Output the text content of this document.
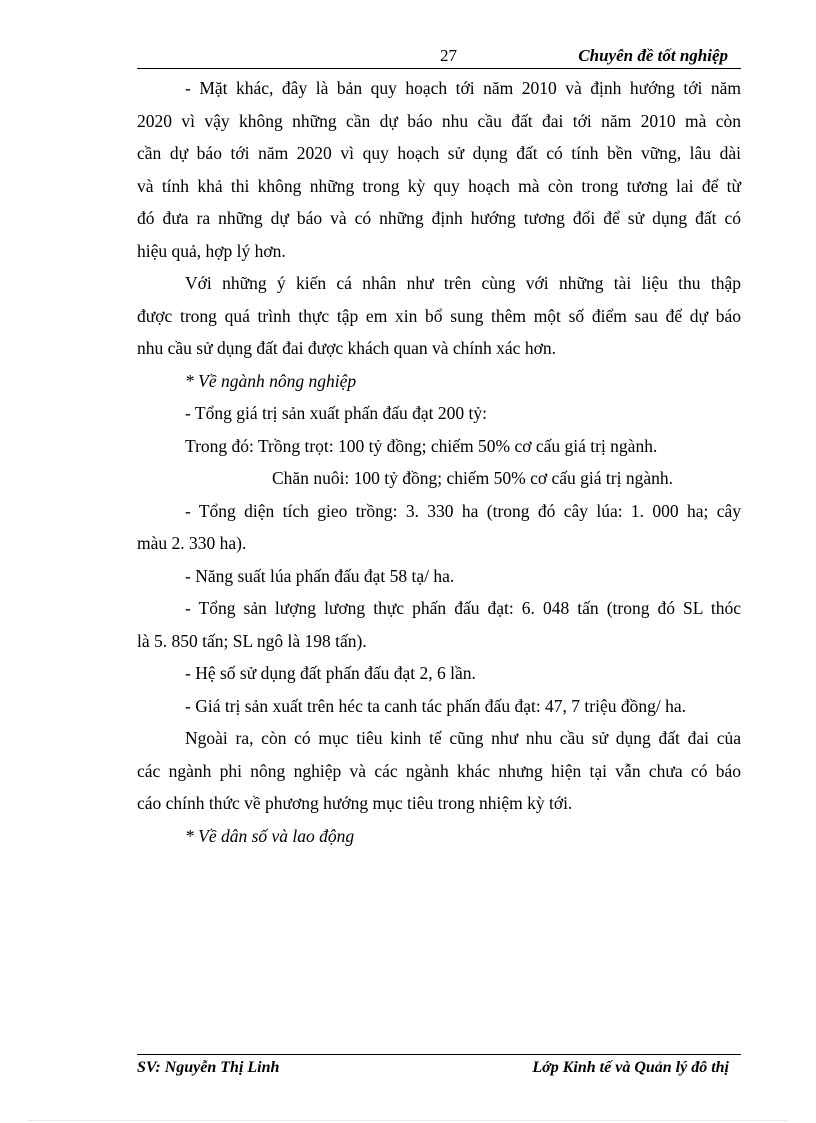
27	Chuyên đề tốt nghiệp
- Mặt khác, đây là bản quy hoạch tới năm 2010 và định hướng tới năm
2020 vì vậy không những cần dự báo nhu cầu đất đai tới năm 2010 mà còn
cần dự báo tới năm 2020 vì quy hoạch sử dụng đất có tính bền vững, lâu dài
và tính khả thi không những trong kỳ quy hoạch mà còn trong tương lai để từ
đó đưa ra những dự báo và có những định hướng tương đối để sử dụng đất có
hiệu quả, hợp lý hơn.
Với những ý kiến cá nhân như trên cùng với những tài liệu thu thập
được trong quá trình thực tập em xin bổ sung thêm một số điểm sau để dự báo
nhu cầu sử dụng đất đai được khách quan và chính xác hơn.
* Về ngành nông nghiệp
- Tổng giá trị sản xuất phấn đấu đạt 200 tỷ:
Trong đó: Trồng trọt: 100 tỷ đồng; chiếm 50% cơ cấu giá trị ngành.
Chăn nuôi: 100 tỷ đồng; chiếm 50% cơ cấu giá trị ngành.
- Tổng diện tích gieo trồng: 3. 330 ha (trong đó cây lúa: 1. 000 ha; cây
màu 2. 330 ha).
- Năng suất lúa phấn đấu đạt 58 tạ/ ha.
- Tổng sản lượng lương thực phấn đấu đạt: 6. 048 tấn (trong đó SL thóc
là 5. 850 tấn; SL ngô là 198 tấn).
- Hệ số sử dụng đất phấn đấu đạt 2, 6 lần.
- Giá trị sản xuất trên héc ta canh tác phấn đấu đạt: 47, 7 triệu đồng/ ha.
Ngoài ra, còn có mục tiêu kinh tế cũng như nhu cầu sử dụng đất đai của
các ngành phi nông nghiệp và các ngành khác nhưng hiện tại vẫn chưa có báo
cáo chính thức về phương hướng mục tiêu trong nhiệm kỳ tới.
* Về dân số và lao động
SV: Nguyễn Thị Linh	Lớp Kinh tế và Quản lý đô thị
